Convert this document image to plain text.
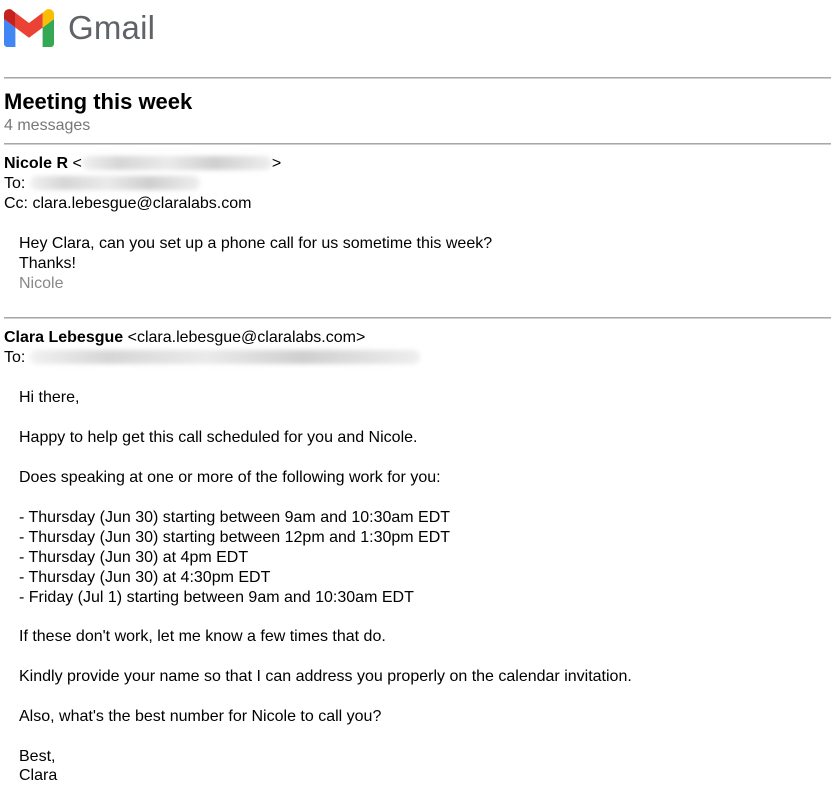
Gmail
Meeting this week
4 messages
Nicole R <	>
To:
Cc: clara.lebesgue@claralabs.com
Hey Clara, can you set up a phone call for us sometime this week?
Thanks!
Nicole
Clara Lebesgue <clara.lebesgue@claralabs.com>
To:
Hi there,
Happy to help get this call scheduled for you and Nicole.
Does speaking at one or more of the following work for you:
- Thursday (Jun 30) starting between 9am and 10:30am EDT
- Thursday (Jun 30) starting between 12pm and 1:30pm EDT
- Thursday (Jun 30) at 4pm EDT
- Thursday (Jun 30) at 4:30pm EDT
- Friday (Jul 1) starting between 9am and 10:30am EDT
If these don't work, let me know a few times that do.
Kindly provide your name so that I can address you properly on the calendar invitation.
Also, what's the best number for Nicole to call you?
Best,
Clara
